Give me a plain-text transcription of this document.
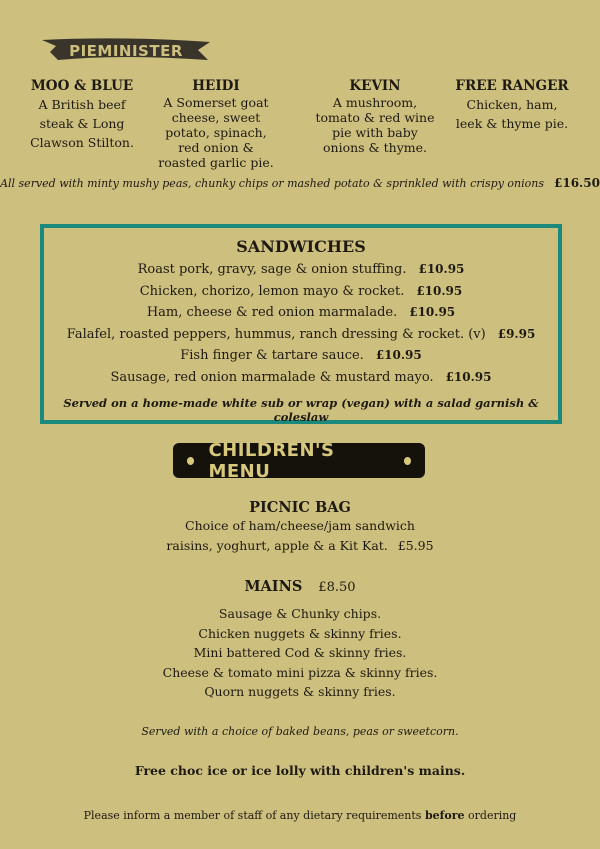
PIEMINISTER
MOO & BLUE

A British beef

steak & Long

Clawson Stilton.

HEIDI

A Somerset goat

cheese, sweet

potato, spinach,

red onion &

roasted garlic pie.

KEVIN

A mushroom,

tomato & red wine

pie with baby

onions & thyme.

FREE RANGER

Chicken, ham,

leek & thyme pie.

All served with minty mushy peas, chunky chips or mashed potato & sprinkled with crispy onions £16.50
SANDWICHES
Roast pork, gravy, sage & onion stuffing. £10.95
Chicken, chorizo, lemon mayo & rocket. £10.95
Ham, cheese & red onion marmalade. £10.95
Falafel, roasted peppers, hummus, ranch dressing & rocket. (v) £9.95
Fish finger & tartare sauce. £10.95
Sausage, red onion marmalade & mustard mayo. £10.95
Served on a home-made white sub or wrap (vegan) with a salad garnish & coleslaw
CHILDREN'S MENU
PICNIC BAG
Choice of ham/cheese/jam sandwich
raisins, yoghurt, apple & a Kit Kat. £5.95
MAINS £8.50
Sausage & Chunky chips.
Chicken nuggets & skinny fries.
Mini battered Cod & skinny fries.
Cheese & tomato mini pizza & skinny fries.
Quorn nuggets & skinny fries.
Served with a choice of baked beans, peas or sweetcorn.
Free choc ice or ice lolly with children's mains.
Please inform a member of staff of any dietary requirements before ordering
